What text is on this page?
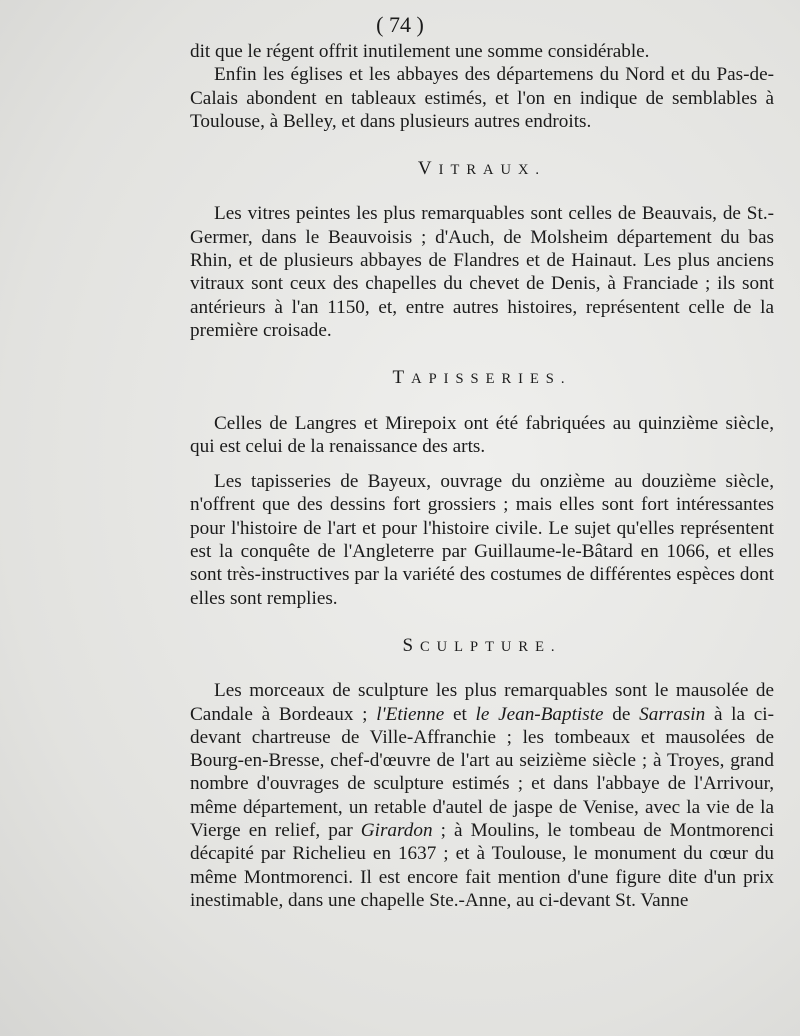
( 74 )

dit que le régent offrit inutilement une somme considérable.

Enfin les églises et les abbayes des départemens du Nord et du Pas-de-Calais abondent en tableaux estimés, et l'on en indique de semblables à Toulouse, à Belley, et dans plusieurs autres endroits.

VITRAUX.

Les vitres peintes les plus remarquables sont celles de Beauvais, de St.-Germer, dans le Beauvoisis ; d'Auch, de Molsheim département du bas Rhin, et de plusieurs abbayes de Flandres et de Hainaut. Les plus anciens vitraux sont ceux des chapelles du chevet de Denis, à Franciade ; ils sont antérieurs à l'an 1150, et, entre autres histoires, représentent celle de la première croisade.

TAPISSERIES.

Celles de Langres et Mirepoix ont été fabriquées au quinzième siècle, qui est celui de la renaissance des arts.

Les tapisseries de Bayeux, ouvrage du onzième au douzième siècle, n'offrent que des dessins fort grossiers ; mais elles sont fort intéressantes pour l'histoire de l'art et pour l'histoire civile. Le sujet qu'elles représentent est la conquête de l'Angleterre par Guillaume-le-Bâtard en 1066, et elles sont très-instructives par la variété des costumes de différentes espèces dont elles sont remplies.

SCULPTURE.

Les morceaux de sculpture les plus remarquables sont le mausolée de Candale à Bordeaux ; l'Etienne et le Jean-Baptiste de Sarrasin à la ci-devant chartreuse de Ville-Affranchie ; les tombeaux et mausolées de Bourg-en-Bresse, chef-d'œuvre de l'art au seizième siècle ; à Troyes, grand nombre d'ouvrages de sculpture estimés ; et dans l'abbaye de l'Arrivour, même département, un retable d'autel de jaspe de Venise, avec la vie de la Vierge en relief, par Girardon ; à Moulins, le tombeau de Montmorenci décapité par Richelieu en 1637 ; et à Toulouse, le monument du cœur du même Montmorenci. Il est encore fait mention d'une figure dite d'un prix inestimable, dans une chapelle Ste.-Anne, au ci-devant St. Vanne
